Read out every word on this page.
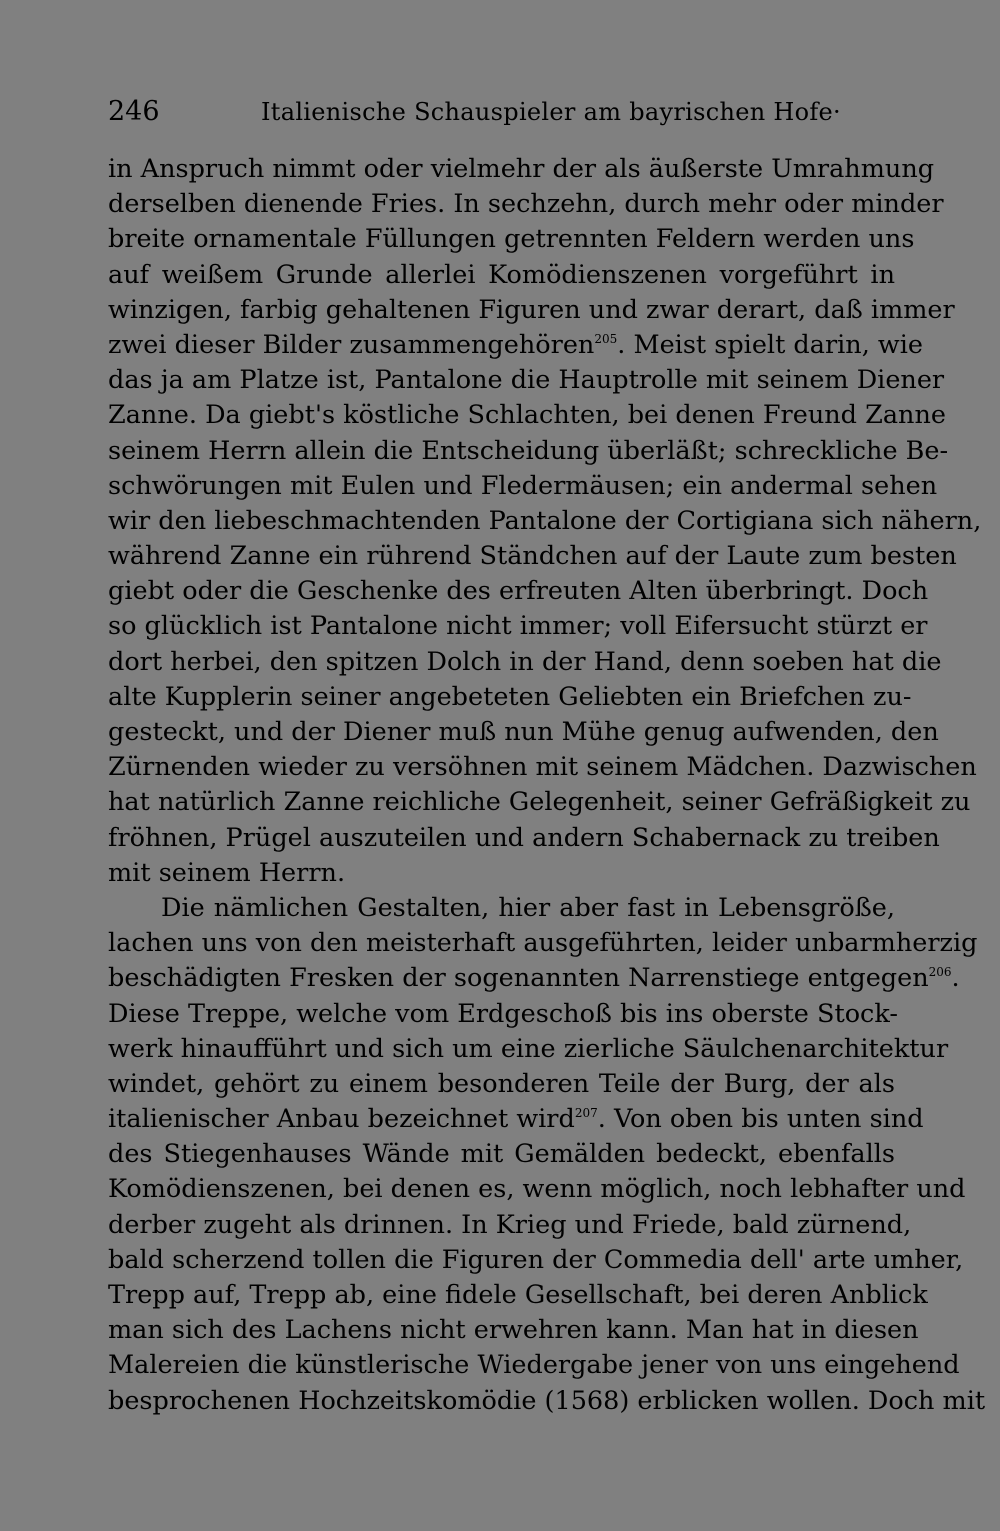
246	Italienische Schauspieler am bayrischen Hofe·
in Anspruch nimmt oder vielmehr der als äußerste Umrahmung
derselben dienende Fries. In sechzehn, durch mehr oder minder
breite ornamentale Füllungen getrennten Feldern werden uns
auf weißem Grunde allerlei Komödienszenen vorgeführt in
winzigen, farbig gehaltenen Figuren und zwar derart, daß immer
zwei dieser Bilder zusammengehören$^{205}$. Meist spielt darin, wie
das ja am Platze ist, Pantalone die Hauptrolle mit seinem Diener
Zanne. Da giebt's köstliche Schlachten, bei denen Freund Zanne
seinem Herrn allein die Entscheidung überläßt; schreckliche Be-
schwörungen mit Eulen und Fledermäusen; ein andermal sehen
wir den liebeschmachtenden Pantalone der Cortigiana sich nähern,
während Zanne ein rührend Ständchen auf der Laute zum besten
giebt oder die Geschenke des erfreuten Alten überbringt. Doch
so glücklich ist Pantalone nicht immer; voll Eifersucht stürzt er
dort herbei, den spitzen Dolch in der Hand, denn soeben hat die
alte Kupplerin seiner angebeteten Geliebten ein Briefchen zu-
gesteckt, und der Diener muß nun Mühe genug aufwenden, den
Zürnenden wieder zu versöhnen mit seinem Mädchen. Dazwischen
hat natürlich Zanne reichliche Gelegenheit, seiner Gefräßigkeit zu
fröhnen, Prügel auszuteilen und andern Schabernack zu treiben
mit seinem Herrn.
Die nämlichen Gestalten, hier aber fast in Lebensgröße,
lachen uns von den meisterhaft ausgeführten, leider unbarmherzig
beschädigten Fresken der sogenannten Narrenstiege entgegen$^{206}$.
Diese Treppe, welche vom Erdgeschoß bis ins oberste Stock-
werk hinaufführt und sich um eine zierliche Säulchenarchitektur
windet, gehört zu einem besonderen Teile der Burg, der als
italienischer Anbau bezeichnet wird$^{207}$. Von oben bis unten sind
des Stiegenhauses Wände mit Gemälden bedeckt, ebenfalls
Komödienszenen, bei denen es, wenn möglich, noch lebhafter und
derber zugeht als drinnen. In Krieg und Friede, bald zürnend,
bald scherzend tollen die Figuren der Commedia dell' arte umher,
Trepp auf, Trepp ab, eine fidele Gesellschaft, bei deren Anblick
man sich des Lachens nicht erwehren kann. Man hat in diesen
Malereien die künstlerische Wiedergabe jener von uns eingehend
besprochenen Hochzeitskomödie (1568) erblicken wollen. Doch mit
